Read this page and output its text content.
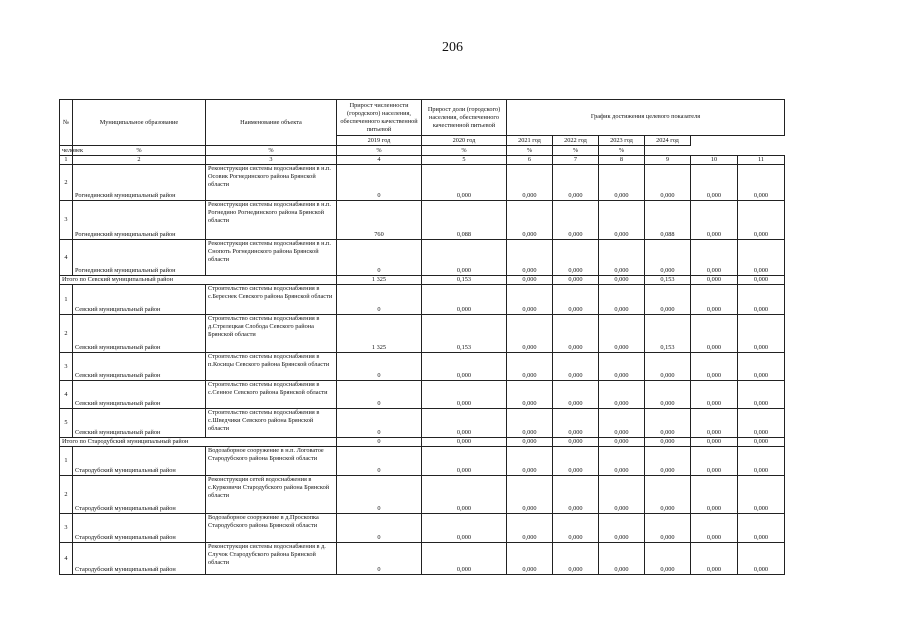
206
№	Муниципальное образование	Наименование объекта	Прирост численности (городского) населения, обеспеченного качественной питьевой	Прирост доли (городского) населения, обеспеченного качественной питьевой	График достижения целевого показателя					

			2019 год	2020 год	2021 год	2022 год	2023 год	2024 год		
человек	%	%	%	%	%	%	%			
1	2	3	4	5	6	7	8	9	10	11
2	Рогнединский муниципальный район	Реконструкция системы водоснабжения в н.п. Осовик Рогнединского района Брянской области	0	0,000	0,000	0,000	0,000	0,000	0,000	0,000
3	Рогнединский муниципальный район	Реконструкция системы водоснабжения в н.п. Рогнедино Рогнединского района Брянской области	760	0,088	0,000	0,000	0,000	0,088	0,000	0,000
4	Рогнединский муниципальный район	Реконструкция системы водоснабжения в н.п. Снопоть Рогнединского района Брянской области	0	0,000	0,000	0,000	0,000	0,000	0,000	0,000
Итого по Севский муниципальный район			1 325	0,153	0,000	0,000	0,000	0,153	0,000	0,000
1	Севский муниципальный район	Строительство системы водоснабжения в с.Береснек Севского района Брянской области	0	0,000	0,000	0,000	0,000	0,000	0,000	0,000
2	Севский муниципальный район	Строительство системы водоснабжения в д.Стрелецкая Слобода Севского района Брянской области	1 325	0,153	0,000	0,000	0,000	0,153	0,000	0,000
3	Севский муниципальный район	Строительство системы водоснабжения в п.Косицы Севского района Брянской области	0	0,000	0,000	0,000	0,000	0,000	0,000	0,000
4	Севский муниципальный район	Строительство системы водоснабжения в с.Сенное Севского района Брянской области	0	0,000	0,000	0,000	0,000	0,000	0,000	0,000
5	Севский муниципальный район	Строительство системы водоснабжения в с.Шведчики Севского района Брянской области	0	0,000	0,000	0,000	0,000	0,000	0,000	0,000
Итого по Стародубский муниципальный район			0	0,000	0,000	0,000	0,000	0,000	0,000	0,000
1	Стародубский муниципальный район	Водозаборное сооружение в н.п. Логоватое Стародубского района Брянской области	0	0,000	0,000	0,000	0,000	0,000	0,000	0,000
2	Стародубский муниципальный район	Реконструкция сетей водоснабжения в с.Курковичи Стародубского района Брянской области	0	0,000	0,000	0,000	0,000	0,000	0,000	0,000
3	Стародубский муниципальный район	Водозаборное сооружение в д.Проскопка Стародубского района Брянской области	0	0,000	0,000	0,000	0,000	0,000	0,000	0,000
4	Стародубский муниципальный район	Реконструкция системы водоснабжения в д. Случок Стародубского района Брянской области	0	0,000	0,000	0,000	0,000	0,000	0,000	0,000
